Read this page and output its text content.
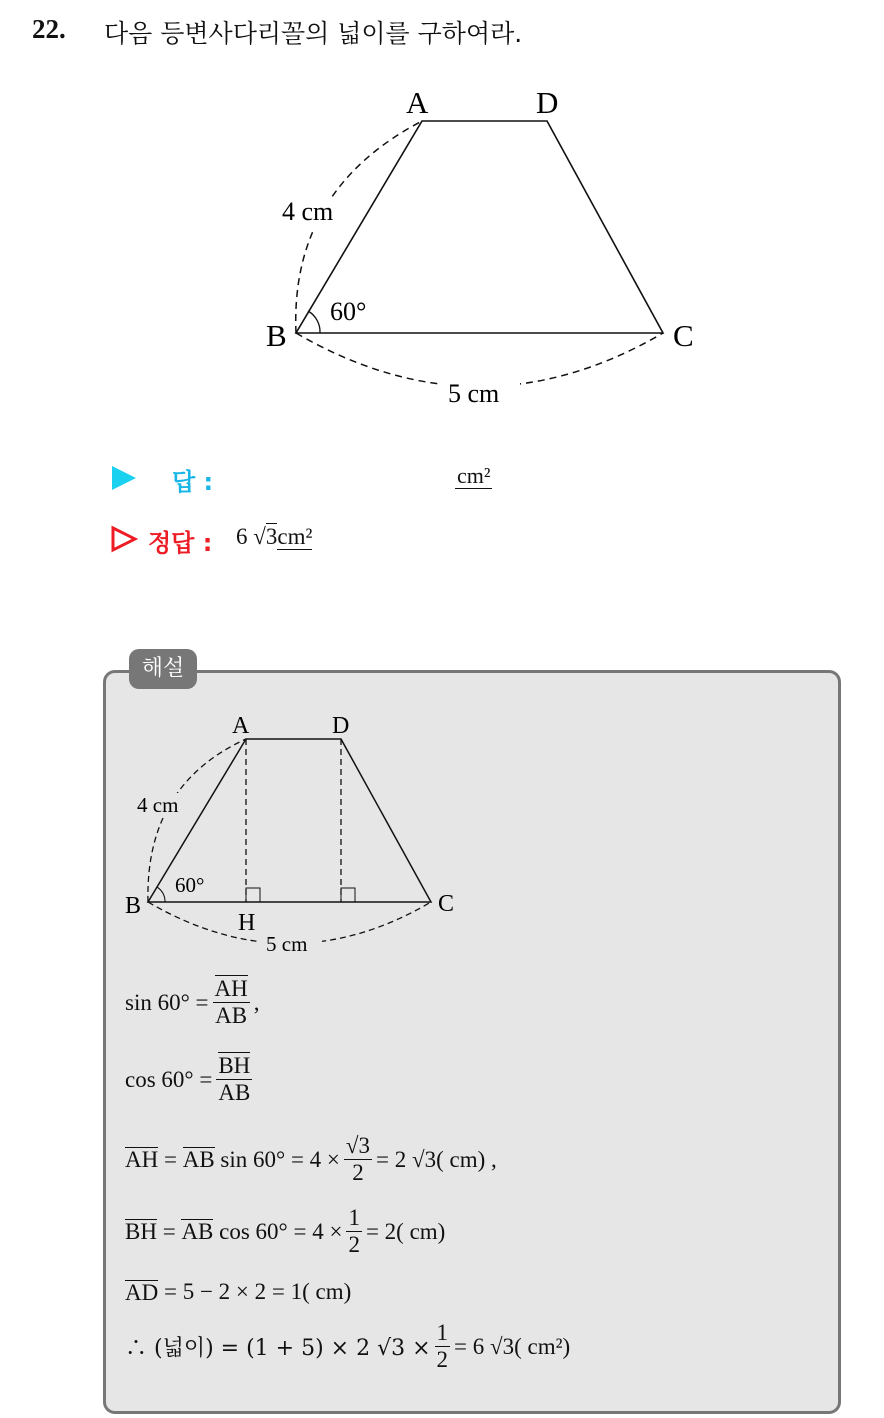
22. 다음 등변사다리꼴의 넓이를 구하여라.
A	D
B	C
4 cm
5 cm
60°
답 :	cm²
정답 : 6 √3cm²
해설
A	D
B	C
H
4 cm
5 cm
60°
$\sin 60^\circ = \frac{AH}{AB}$ ,
$\cos 60^\circ = \frac{BH}{AB}$
AH
=
AB
$\sin 60^\circ = 4 \times \frac{√3}{2} = 2$ √3( cm) ,
BH
=
AB
$\cos 60^\circ = 4 \times \frac{1}{2} = 2$( cm)
AD
= 5 − 2 × 2 = 1( cm)
∴ (넓이) = (1 + 5) × 2 $√3 \times \frac{1}{2} = 6$ √3( cm²)
